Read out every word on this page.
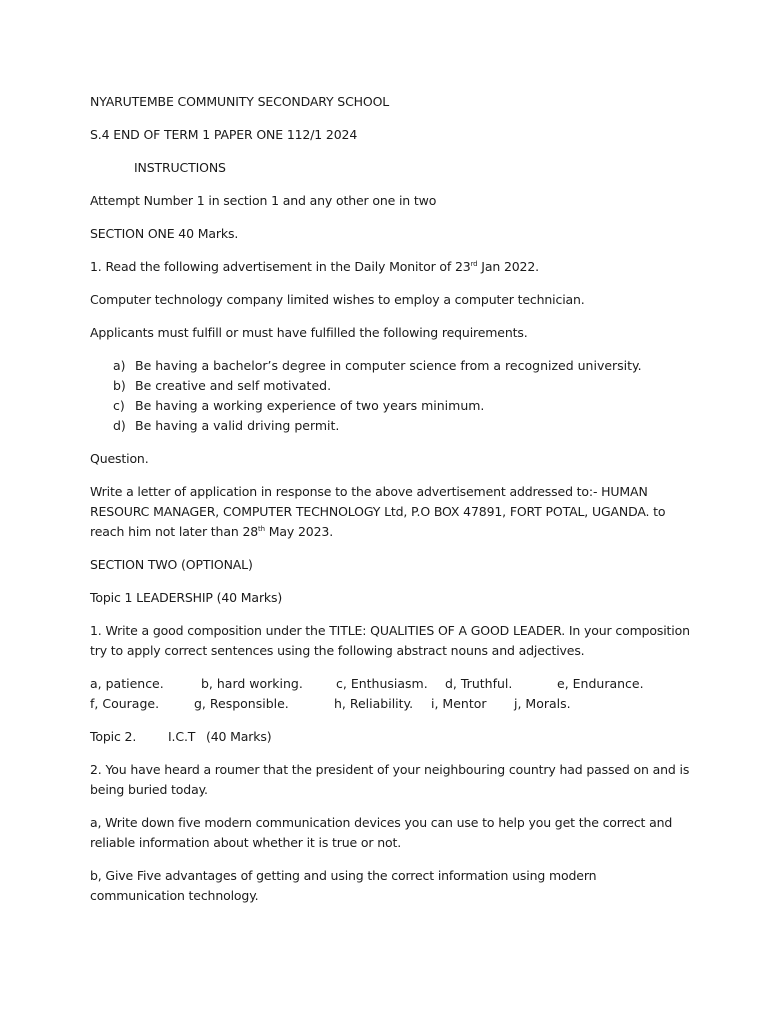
NYARUTEMBE COMMUNITY SECONDARY SCHOOL

S.4 END OF TERM 1 PAPER ONE 112/1 2024

INSTRUCTIONS

Attempt Number 1 in section 1 and any other one in two

SECTION ONE 40 Marks.

1. Read the following advertisement in the Daily Monitor of 23rd Jan 2022.

Computer technology company limited wishes to employ a computer technician.

Applicants must fulfill or must have fulfilled the following requirements.

a) Be having a bachelor’s degree in computer science from a recognized university.
b) Be creative and self motivated.
c) Be having a working experience of two years minimum.
d) Be having a valid driving permit.

Question.

Write a letter of application in response to the above advertisement addressed to:- HUMAN RESOURC MANAGER, COMPUTER TECHNOLOGY Ltd, P.O BOX 47891, FORT POTAL, UGANDA. to reach him not later than 28th May 2023.

SECTION TWO (OPTIONAL)

Topic 1 LEADERSHIP (40 Marks)

1. Write a good composition under the TITLE: QUALITIES OF A GOOD LEADER. In your composition try to apply correct sentences using the following abstract nouns and adjectives.

a, patience.	b, hard working.	c, Enthusiasm. d, Truthful.	e, Endurance.
f, Courage.	g, Responsible.	h, Reliability. i, Mentor j, Morals.

Topic 2.	I.C.T (40 Marks)

2. You have heard a roumer that the president of your neighbouring country had passed on and is being buried today.

a, Write down five modern communication devices you can use to help you get the correct and reliable information about whether it is true or not.

b, Give Five advantages of getting and using the correct information using modern communication technology.
